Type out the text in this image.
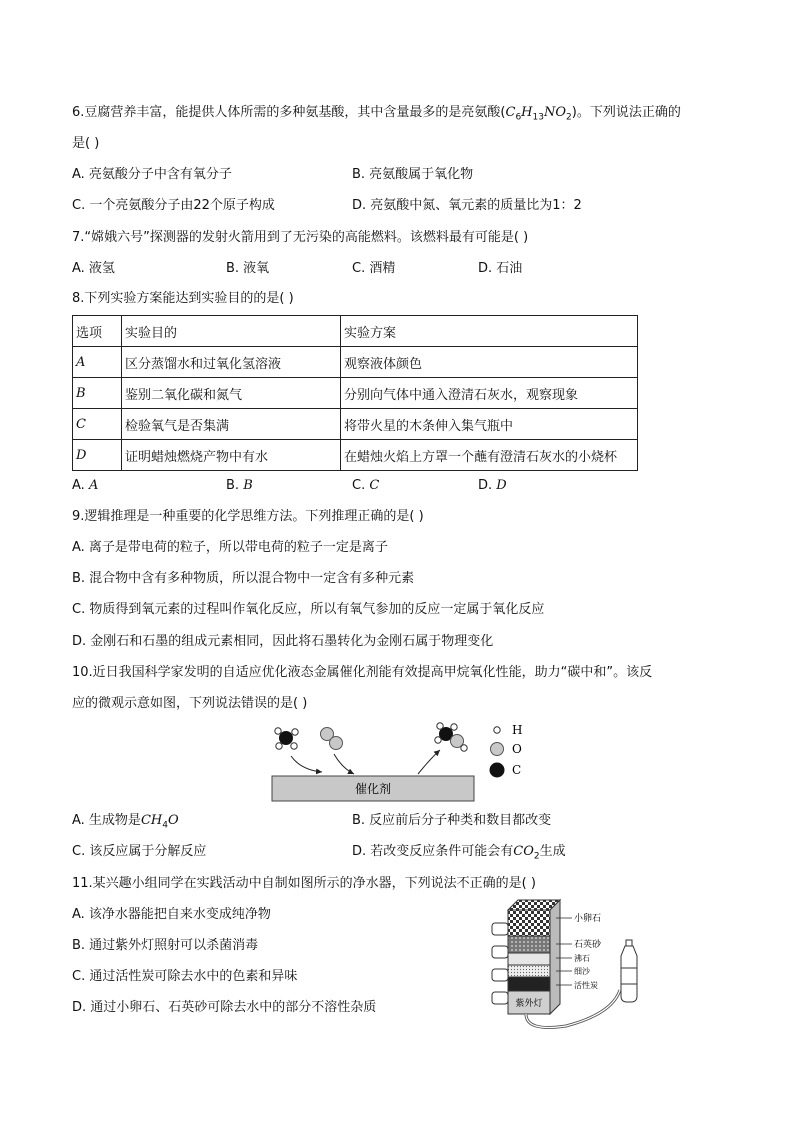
6.豆腐营养丰富，能提供人体所需的多种氨基酸，其中含量最多的是亮氨酸$(C_6H_{13}NO_2)$。下列说法正确的
是( )
A. 亮氨酸分子中含有氧分子	B. 亮氨酸属于氧化物
C. 一个亮氨酸分子由22个原子构成	D. 亮氨酸中氮、氧元素的质量比为1：2
7.“嫦娥六号”探测器的发射火箭用到了无污染的高能燃料。该燃料最有可能是( )
A. 液氢	B. 液氧	C. 酒精	D. 石油
8.下列实验方案能达到实验目的的是( )
选项	实验目的	实验方案
A	区分蒸馏水和过氧化氢溶液	观察液体颜色
B	鉴别二氧化碳和氮气	分别向气体中通入澄清石灰水，观察现象
C	检验氧气是否集满	将带火星的木条伸入集气瓶中
D	证明蜡烛燃烧产物中有水	在蜡烛火焰上方罩一个蘸有澄清石灰水的小烧杯
A. A	B. B	C. C	D. D
9.逻辑推理是一种重要的化学思维方法。下列推理正确的是( )
A. 离子是带电荷的粒子，所以带电荷的粒子一定是离子
B. 混合物中含有多种物质，所以混合物中一定含有多种元素
C. 物质得到氧元素的过程叫作氧化反应，所以有氧气参加的反应一定属于氧化反应
D. 金刚石和石墨的组成元素相同，因此将石墨转化为金刚石属于物理变化
10.近日我国科学家发明的自适应优化液态金属催化剂能有效提高甲烷氧化性能，助力“碳中和”。该反
应的微观示意如图，下列说法错误的是( )
催化剂
H
O
C
A. 生成物是$CH_4O$	B. 反应前后分子种类和数目都改变
C. 该反应属于分解反应	D. 若改变反应条件可能会有$CO_2$生成
11.某兴趣小组同学在实践活动中自制如图所示的净水器，下列说法不正确的是( )
A. 该净水器能把自来水变成纯净物
B. 通过紫外灯照射可以杀菌消毒
C. 通过活性炭可除去水中的色素和异味
D. 通过小卵石、石英砂可除去水中的部分不溶性杂质
小卵石
石英砂
沸石
细沙
活性炭
紫外灯
